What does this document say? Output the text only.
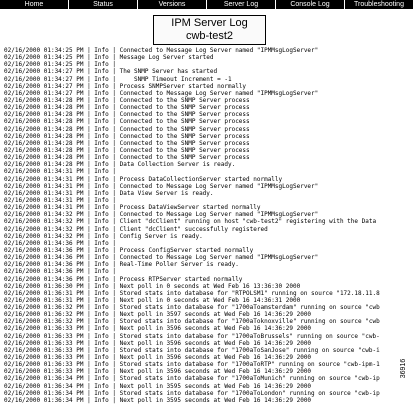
Home	Status	Versions	Server Log	Console Log	Troubleshooting
IPM Server Log
cwb-test2
02/16/2000 01:34:25 PM | Info | Connected to Message Log Server named "IPMMsgLogServer"
02/16/2000 01:34:25 PM | Info | Message Log Server started
02/16/2000 01:34:25 PM | Info |
02/16/2000 01:34:27 PM | Info | The SNMP Server has started
02/16/2000 01:34:27 PM | Info |     SNMP Timeout Increment = -1
02/16/2000 01:34:27 PM | Info | Process SNMPServer started normally
02/16/2000 01:34:27 PM | Info | Connected to Message Log Server named "IPMMsgLogServer"
02/16/2000 01:34:28 PM | Info | Connected to the SNMP Server process
02/16/2000 01:34:28 PM | Info | Connected to the SNMP Server process
02/16/2000 01:34:28 PM | Info | Connected to the SNMP Server process
02/16/2000 01:34:28 PM | Info | Connected to the SNMP Server process
02/16/2000 01:34:28 PM | Info | Connected to the SNMP Server process
02/16/2000 01:34:28 PM | Info | Connected to the SNMP Server process
02/16/2000 01:34:28 PM | Info | Connected to the SNMP Server process
02/16/2000 01:34:28 PM | Info | Connected to the SNMP Server process
02/16/2000 01:34:28 PM | Info | Connected to the SNMP Server process
02/16/2000 01:34:28 PM | Info | Data Collection Server is ready.
02/16/2000 01:34:31 PM | Info |
02/16/2000 01:34:31 PM | Info | Process DataCollectionServer started normally
02/16/2000 01:34:31 PM | Info | Connected to Message Log Server named "IPMMsgLogServer"
02/16/2000 01:34:31 PM | Info | Data View Server is ready.
02/16/2000 01:34:31 PM | Info |
02/16/2000 01:34:31 PM | Info | Process DataViewServer started normally
02/16/2000 01:34:32 PM | Info | Connected to Message Log Server named "IPMMsgLogServer"
02/16/2000 01:34:32 PM | Info | Client "dcClient" running on host "cwb-test2" registering with the Data
02/16/2000 01:34:32 PM | Info | Client "dcClient" successfully registered
02/16/2000 01:34:32 PM | Info | Config Server is ready.
02/16/2000 01:34:36 PM | Info |
02/16/2000 01:34:36 PM | Info | Process ConfigServer started normally
02/16/2000 01:34:36 PM | Info | Connected to Message Log Server named "IPMMsgLogServer"
02/16/2000 01:34:36 PM | Info | Real-Time Poller Server is ready.
02/16/2000 01:34:36 PM | Info |
02/16/2000 01:34:36 PM | Info | Process RTPServer started normally
02/16/2000 01:36:30 PM | Info | Next poll in 0 seconds at Wed Feb 16 13:36:30 2000
02/16/2000 01:36:31 PM | Info | Stored stats into database for "RTPOLSM1" running on source "172.18.11.8
02/16/2000 01:36:31 PM | Info | Next poll in 0 seconds at Wed Feb 16 14:36:31 2000
02/16/2000 01:36:32 PM | Info | Stored stats into database for "1700aToamsterdam" running on source "cwb
02/16/2000 01:36:32 PM | Info | Next poll in 3597 seconds at Wed Feb 16 14:36:29 2000
02/16/2000 01:36:32 PM | Info | Stored stats into database for "1700aToknoxville" running on source "cwb
02/16/2000 01:36:33 PM | Info | Next poll in 3596 seconds at Wed Feb 16 14:36:29 2000
02/16/2000 01:36:33 PM | Info | Stored stats into database for "1700aToBrussels" running on source "cwb-
02/16/2000 01:36:33 PM | Info | Next poll in 3596 seconds at Wed Feb 16 14:36:29 2000
02/16/2000 01:36:33 PM | Info | Stored stats into database for "1700aToSanJose" running on source "cwb-i
02/16/2000 01:36:33 PM | Info | Next poll in 3596 seconds at Wed Feb 16 14:36:29 2000
02/16/2000 01:36:33 PM | Info | Stored stats into database for "1700aToRTP" running on source "cwb-ipm-1
02/16/2000 01:36:33 PM | Info | Next poll in 3596 seconds at Wed Feb 16 14:36:29 2000
02/16/2000 01:36:34 PM | Info | Stored stats into database for "1700aToMunich" running on source "cwb-ip
02/16/2000 01:36:34 PM | Info | Next poll in 3595 seconds at Wed Feb 16 14:36:29 2000
02/16/2000 01:36:34 PM | Info | Stored stats into database for "1700aToLondon" running on source "cwb-ip
02/16/2000 01:36:34 PM | Info | Next poll in 3595 seconds at Wed Feb 16 14:36:29 2000
36916
